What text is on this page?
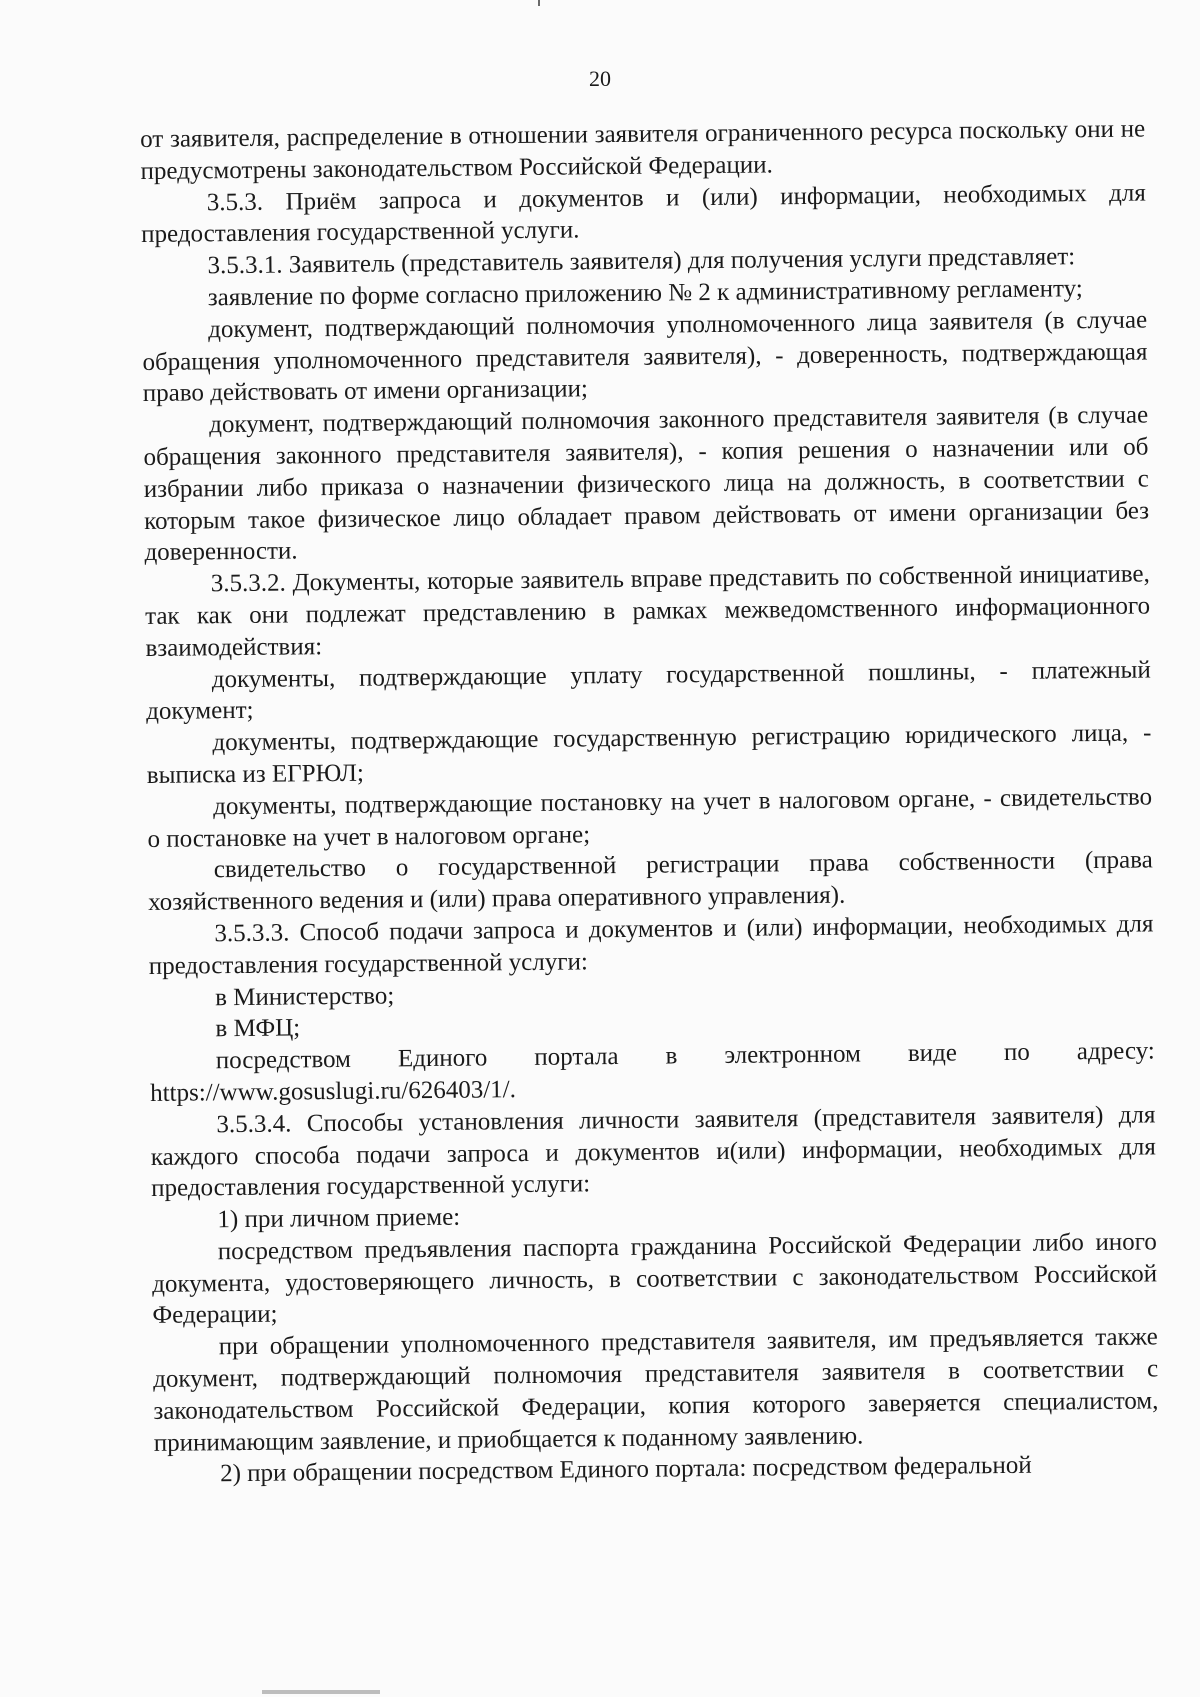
20

от заявителя, распределение в отношении заявителя ограниченного ресурса поскольку они не предусмотрены законодательством Российской Федерации.

3.5.3. Приём запроса и документов и (или) информации, необходимых для предоставления государственной услуги.

3.5.3.1. Заявитель (представитель заявителя) для получения услуги представляет:

заявление по форме согласно приложению № 2 к административному регламенту;

документ, подтверждающий полномочия уполномоченного лица заявителя (в случае обращения уполномоченного представителя заявителя), - доверенность, подтверждающая право действовать от имени организации;

документ, подтверждающий полномочия законного представителя заявителя (в случае обращения законного представителя заявителя), - копия решения о назначении или об избрании либо приказа о назначении физического лица на должность, в соответствии с которым такое физическое лицо обладает правом действовать от имени организации без доверенности.

3.5.3.2. Документы, которые заявитель вправе представить по собственной инициативе, так как они подлежат представлению в рамках межведомственного информационного взаимодействия:

документы, подтверждающие уплату государственной пошлины, - платежный документ;

документы, подтверждающие государственную регистрацию юридического лица, - выписка из ЕГРЮЛ;

документы, подтверждающие постановку на учет в налоговом органе, - свидетельство о постановке на учет в налоговом органе;

свидетельство о государственной регистрации права собственности (права хозяйственного ведения и (или) права оперативного управления).

3.5.3.3. Способ подачи запроса и документов и (или) информации, необходимых для предоставления государственной услуги:

в Министерство;

в МФЦ;

посредством Единого портала в электронном виде по адресу: https://www.gosuslugi.ru/626403/1/.

3.5.3.4. Способы установления личности заявителя (представителя заявителя) для каждого способа подачи запроса и документов и(или) информации, необходимых для предоставления государственной услуги:

1) при личном приеме:

посредством предъявления паспорта гражданина Российской Федерации либо иного документа, удостоверяющего личность, в соответствии с законодательством Российской Федерации;

при обращении уполномоченного представителя заявителя, им предъявляется также документ, подтверждающий полномочия представителя заявителя в соответствии с законодательством Российской Федерации, копия которого заверяется специалистом, принимающим заявление, и приобщается к поданному заявлению.

2) при обращении посредством Единого портала: посредством федеральной
